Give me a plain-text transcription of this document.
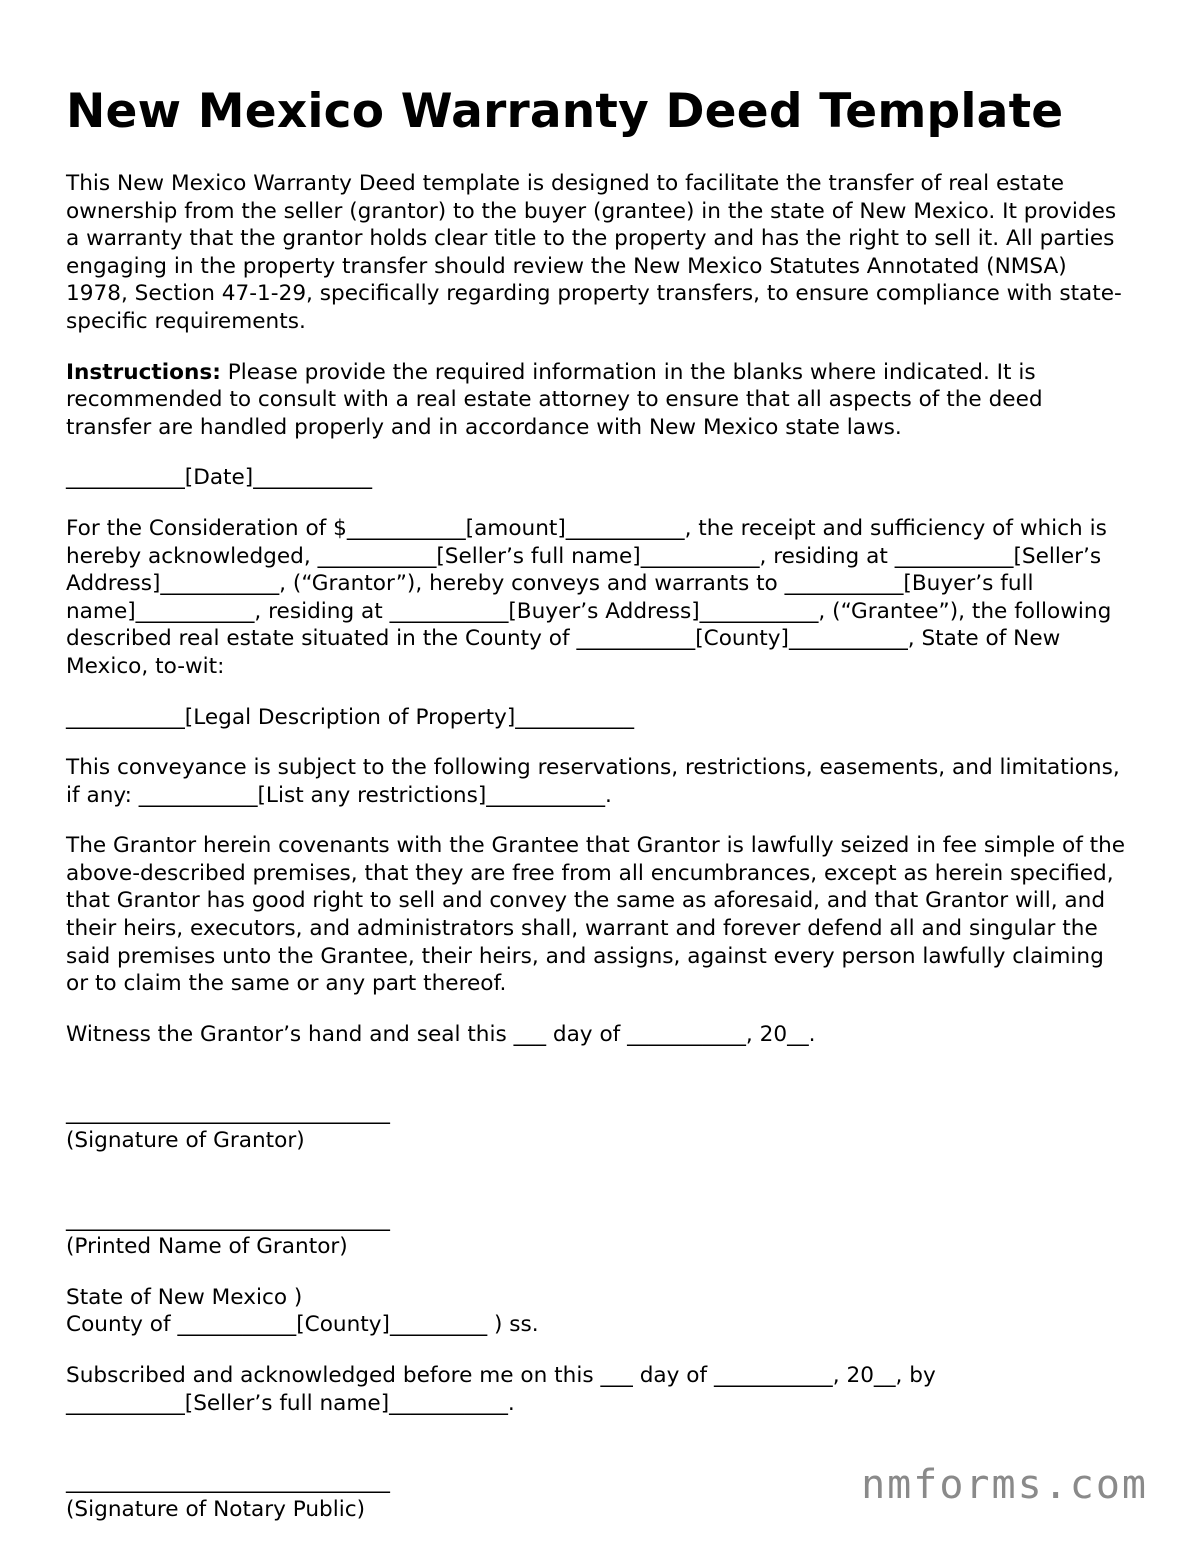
New Mexico Warranty Deed Template

This New Mexico Warranty Deed template is designed to facilitate the transfer of real estate ownership from the seller (grantor) to the buyer (grantee) in the state of New Mexico. It provides a warranty that the grantor holds clear title to the property and has the right to sell it. All parties engaging in the property transfer should review the New Mexico Statutes Annotated (NMSA) 1978, Section 47-1-29, specifically regarding property transfers, to ensure compliance with state-specific requirements.

Instructions: Please provide the required information in the blanks where indicated. It is recommended to consult with a real estate attorney to ensure that all aspects of the deed transfer are handled properly and in accordance with New Mexico state laws.

___________[Date]___________

For the Consideration of $___________[amount]___________, the receipt and sufficiency of which is hereby acknowledged, ___________[Seller’s full name]___________, residing at ___________[Seller’s Address]___________, (“Grantor”), hereby conveys and warrants to ___________[Buyer’s full name]___________, residing at ___________[Buyer’s Address]___________, (“Grantee”), the following described real estate situated in the County of ___________[County]___________, State of New Mexico, to-wit:

___________[Legal Description of Property]___________

This conveyance is subject to the following reservations, restrictions, easements, and limitations, if any: ___________[List any restrictions]___________.

The Grantor herein covenants with the Grantee that Grantor is lawfully seized in fee simple of the above-described premises, that they are free from all encumbrances, except as herein specified, that Grantor has good right to sell and convey the same as aforesaid, and that Grantor will, and their heirs, executors, and administrators shall, warrant and forever defend all and singular the said premises unto the Grantee, their heirs, and assigns, against every person lawfully claiming or to claim the same or any part thereof.

Witness the Grantor’s hand and seal this ___ day of ___________, 20__.

______________________________
(Signature of Grantor)
______________________________
(Printed Name of Grantor)
State of New Mexico )
County of ___________[County]_________ ) ss.

Subscribed and acknowledged before me on this ___ day of ___________, 20__, by ___________[Seller’s full name]___________.

______________________________
(Signature of Notary Public)
nmforms.com
